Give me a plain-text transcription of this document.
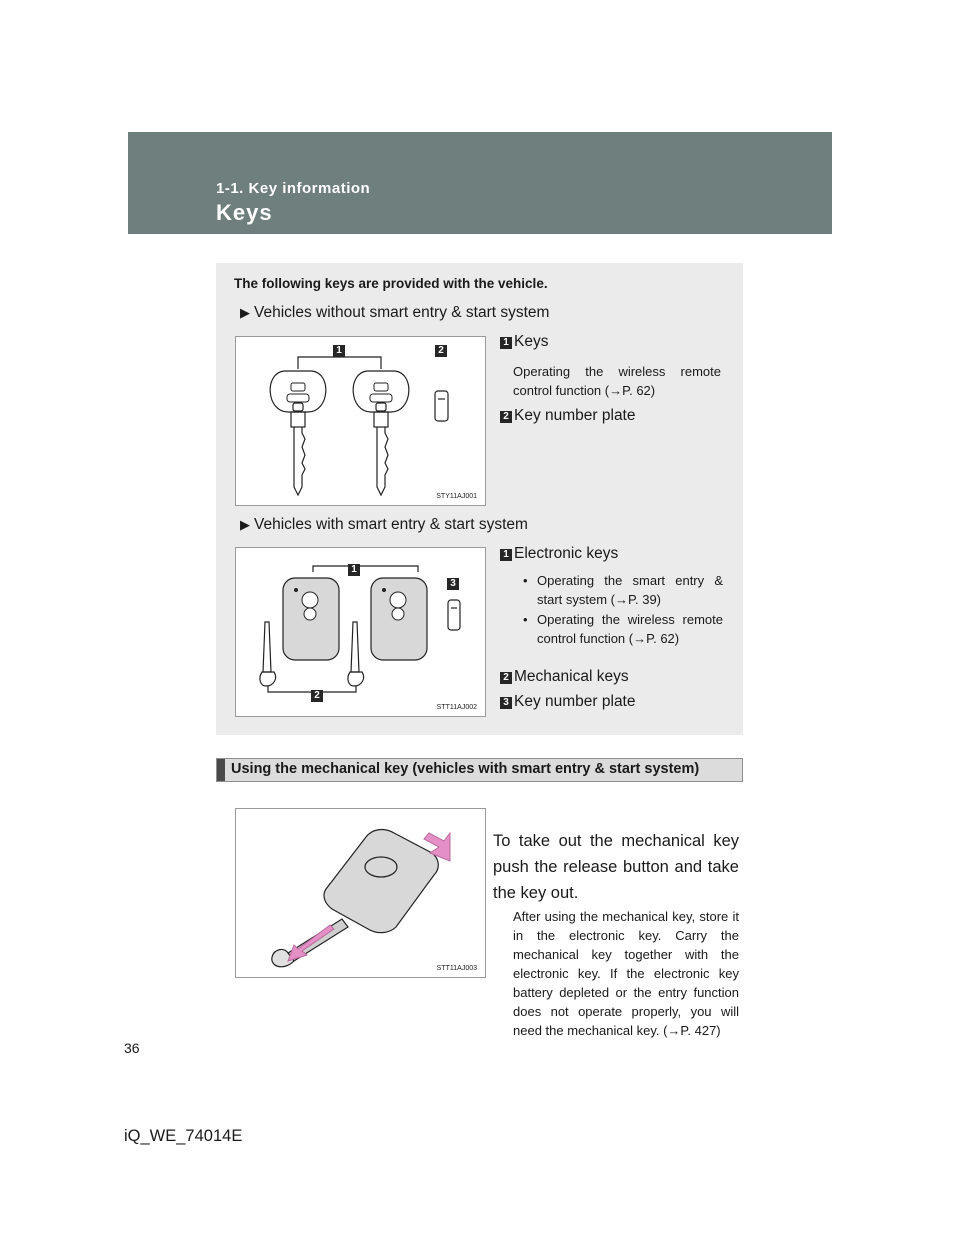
1-1. Key information
Keys
The following keys are provided with the vehicle.
▶ Vehicles without smart entry & start system
1	2
STY11AJ001
1 Keys
Operating the wireless remote control function (→P. 62)
2 Key number plate
▶ Vehicles with smart entry & start system
1
2
3
STT11AJ002
1 Electronic keys
• Operating the smart entry & start system (→P. 39)
• Operating the wireless remote control function (→P. 62)
2 Mechanical keys
3 Key number plate
Using the mechanical key (vehicles with smart entry & start system)
STT11AJ003
To take out the mechanical key push the release button and take the key out.
After using the mechanical key, store it in the electronic key. Carry the mechanical key together with the electronic key. If the electronic key battery depleted or the entry function does not operate properly, you will need the mechanical key. (→P. 427)
36
iQ_WE_74014E
